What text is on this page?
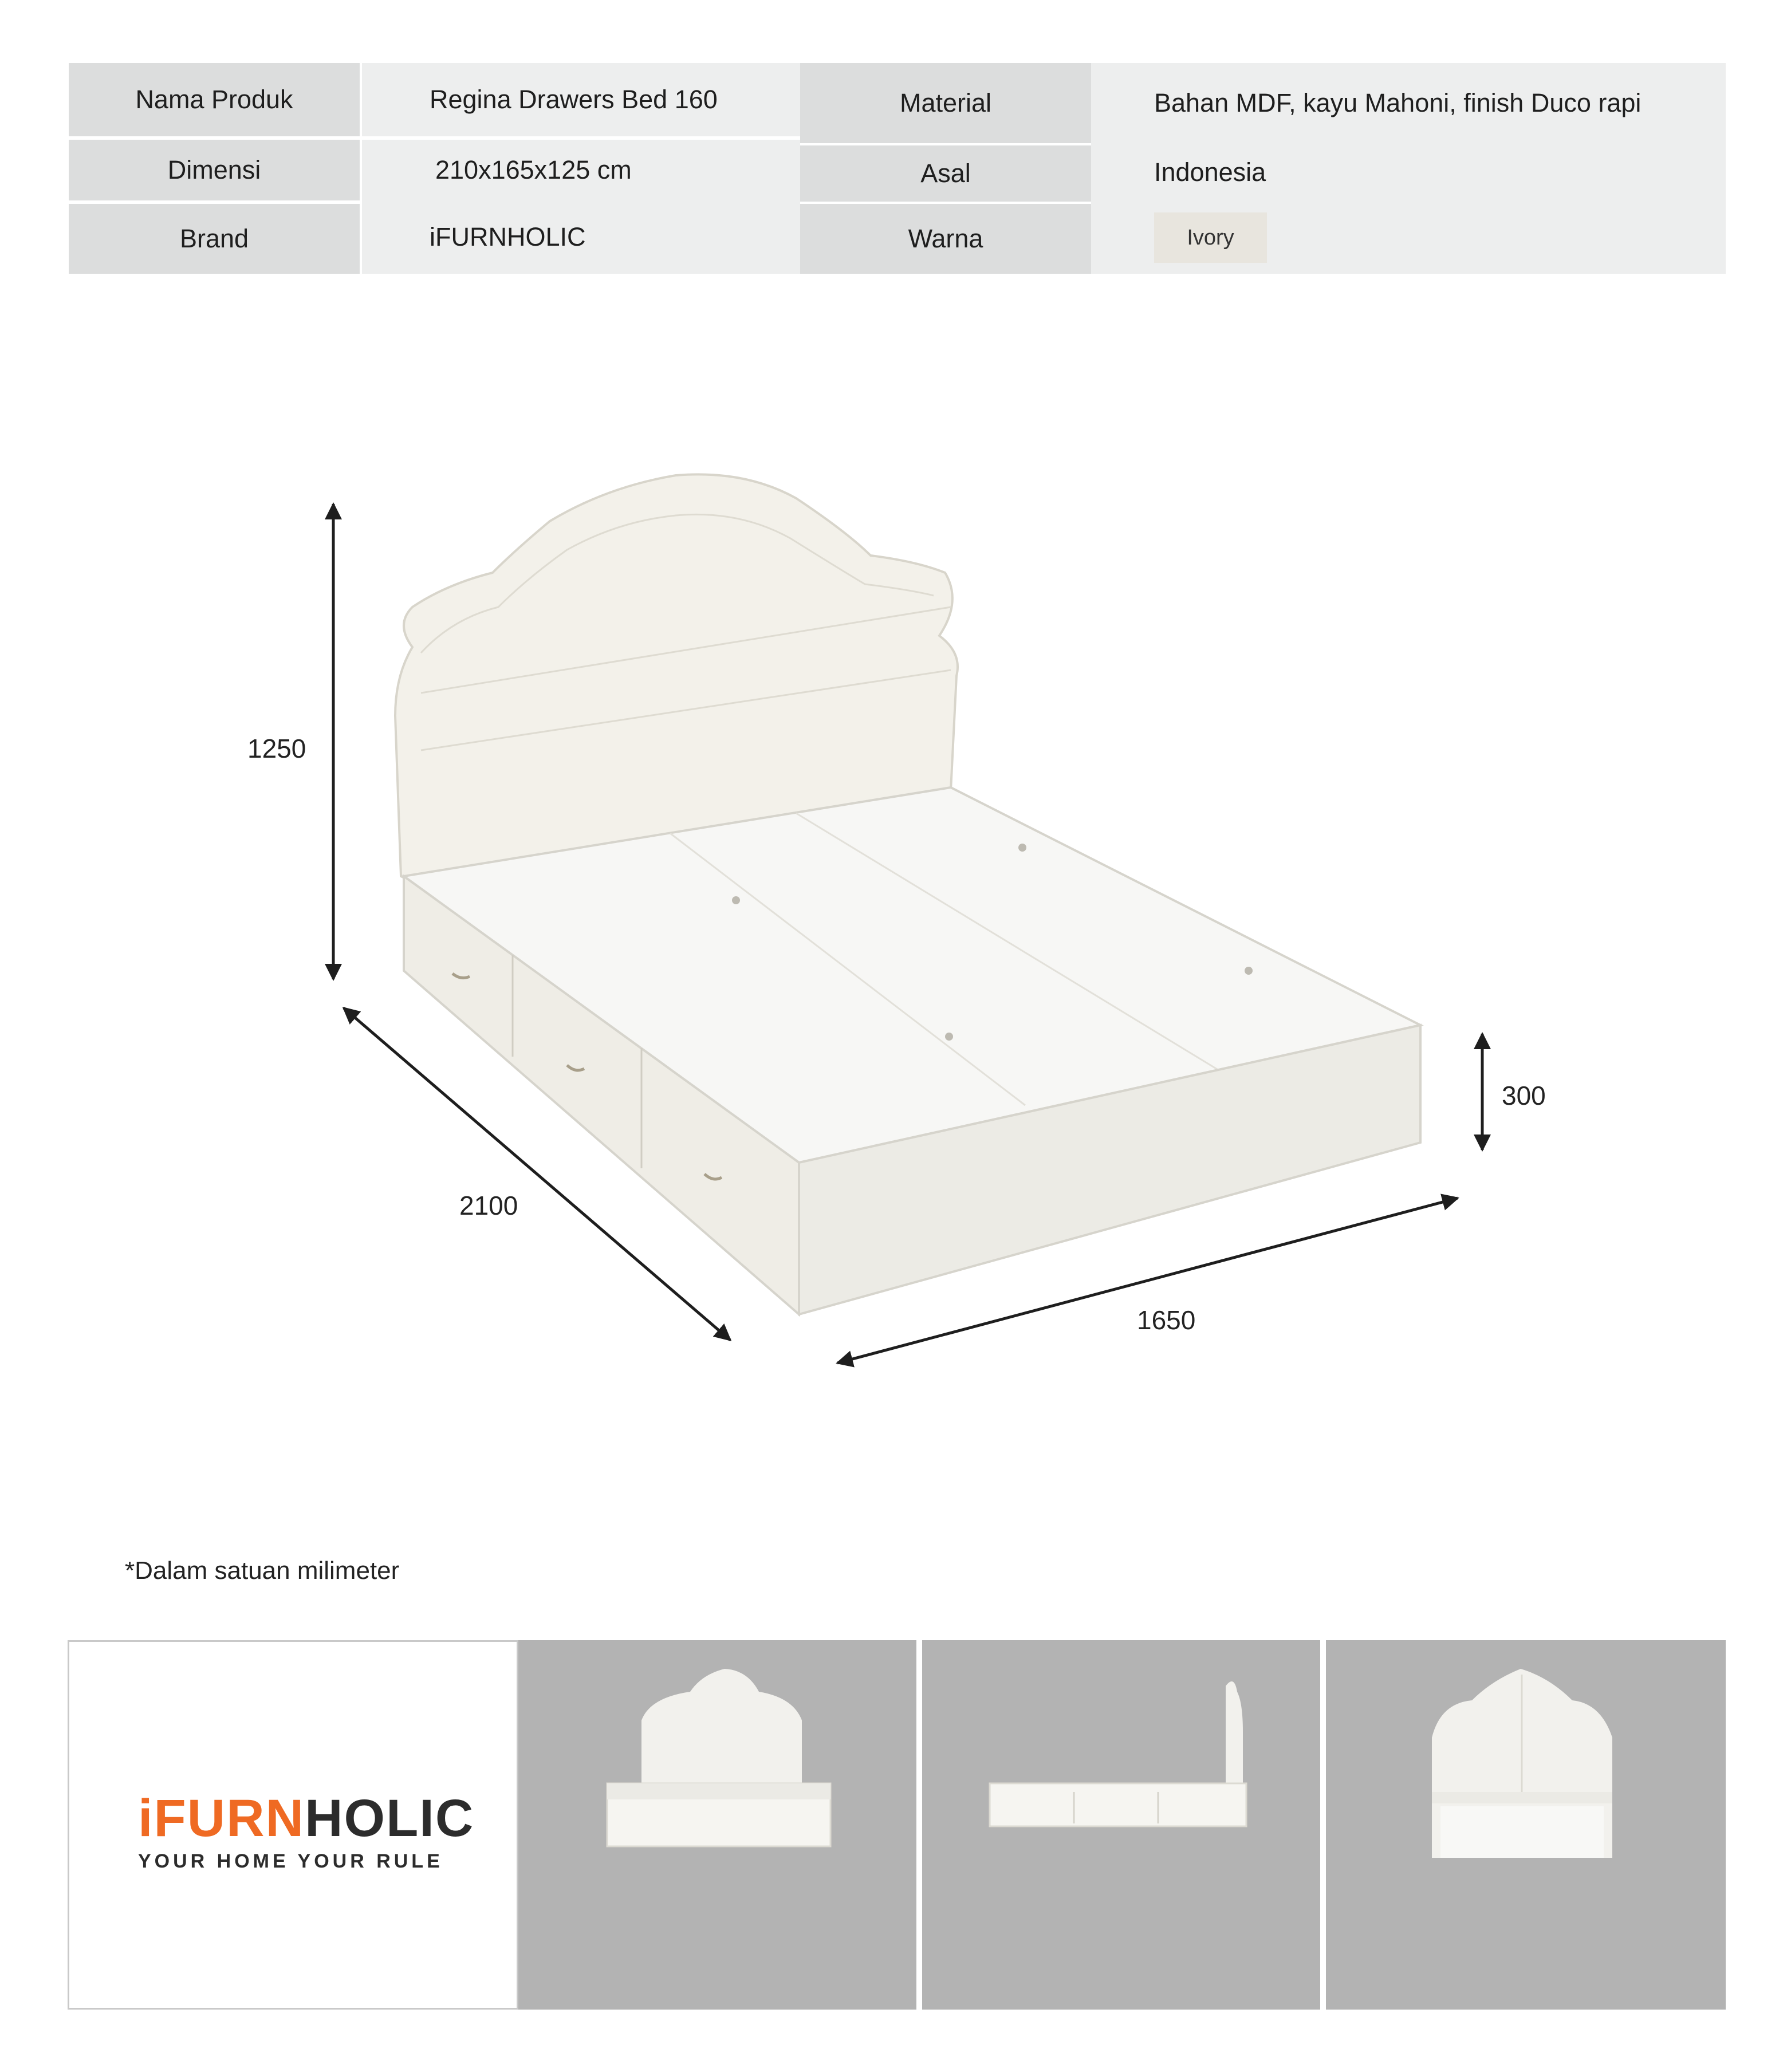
Nama Produk	Regina Drawers Bed 160	Material	Bahan MDF, kayu Mahoni, finish Duco rapi
Dimensi	210x165x125 cm	Asal	Indonesia
Brand	iFURNHOLIC	Warna	Ivory
1250
2100
1650
300
*Dalam satuan milimeter
iFURNHOLIC
YOUR HOME YOUR RULE
